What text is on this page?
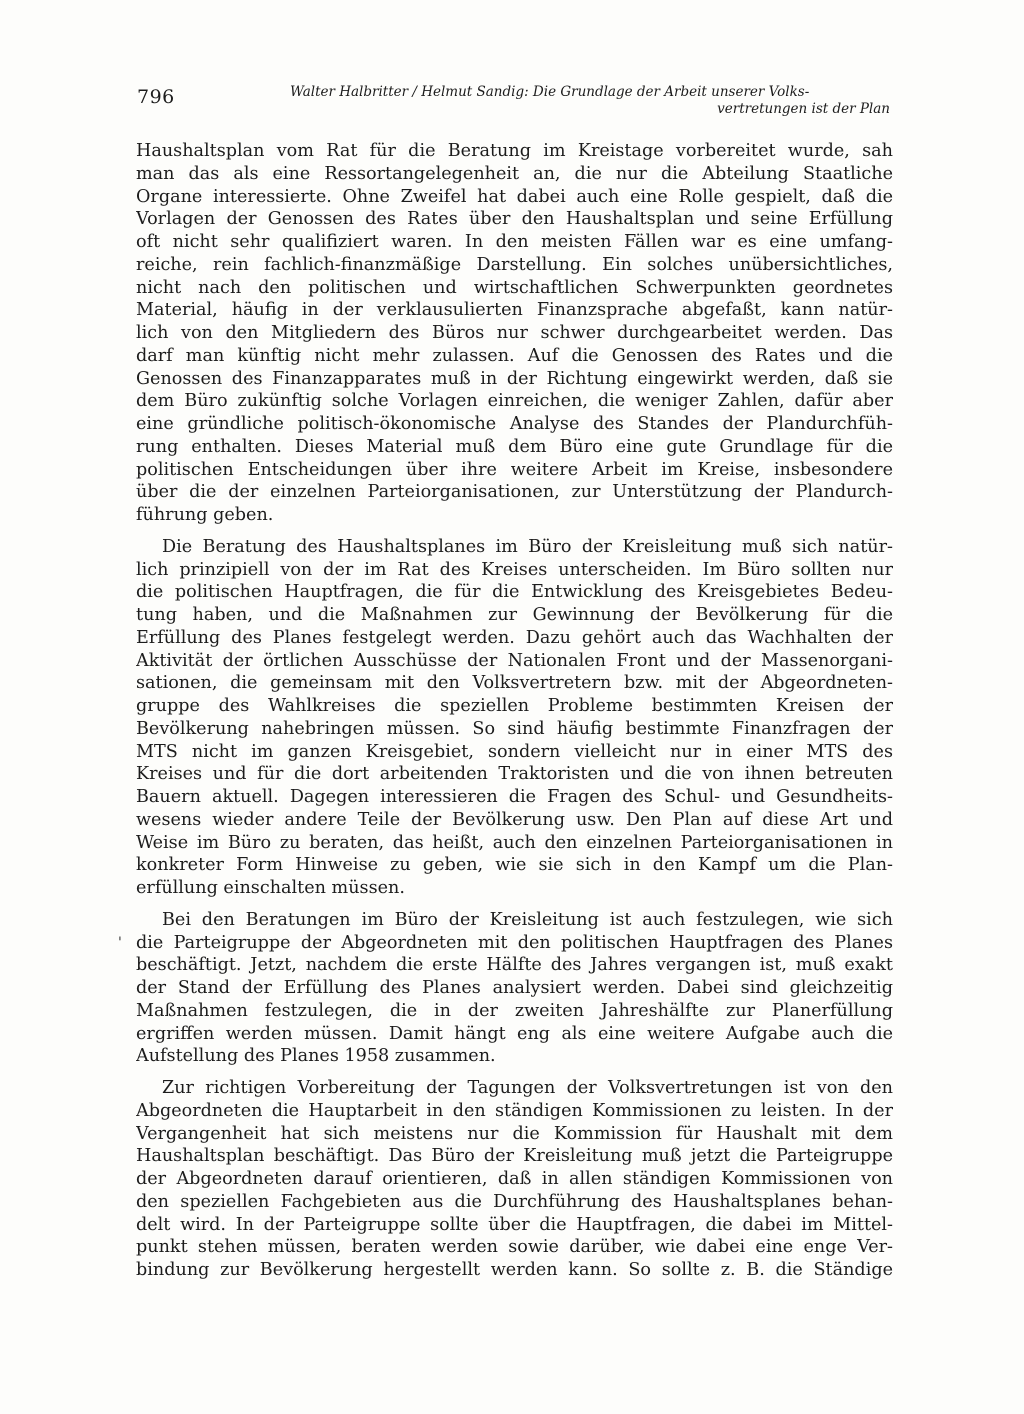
796	Walter Halbritter / Helmut Sandig: Die Grundlage der Arbeit unserer Volks-
vertretungen ist der Plan
'
Haushaltsplan vom Rat für die Beratung im Kreistage vorbereitet wurde, sah
man das als eine Ressortangelegenheit an, die nur die Abteilung Staatliche
Organe interessierte. Ohne Zweifel hat dabei auch eine Rolle gespielt, daß die
Vorlagen der Genossen des Rates über den Haushaltsplan und seine Erfüllung
oft nicht sehr qualifiziert waren. In den meisten Fällen war es eine umfang-
reiche, rein fachlich-finanzmäßige Darstellung. Ein solches unübersichtliches,
nicht nach den politischen und wirtschaftlichen Schwerpunkten geordnetes
Material, häufig in der verklausulierten Finanzsprache abgefaßt, kann natür-
lich von den Mitgliedern des Büros nur schwer durchgearbeitet werden. Das
darf man künftig nicht mehr zulassen. Auf die Genossen des Rates und die
Genossen des Finanzapparates muß in der Richtung eingewirkt werden, daß sie
dem Büro zukünftig solche Vorlagen einreichen, die weniger Zahlen, dafür aber
eine gründliche politisch-ökonomische Analyse des Standes der Plandurchfüh-
rung enthalten. Dieses Material muß dem Büro eine gute Grundlage für die
politischen Entscheidungen über ihre weitere Arbeit im Kreise, insbesondere
über die der einzelnen Parteiorganisationen, zur Unterstützung der Plandurch-
führung geben.
Die Beratung des Haushaltsplanes im Büro der Kreisleitung muß sich natür-
lich prinzipiell von der im Rat des Kreises unterscheiden. Im Büro sollten nur
die politischen Hauptfragen, die für die Entwicklung des Kreisgebietes Bedeu-
tung haben, und die Maßnahmen zur Gewinnung der Bevölkerung für die
Erfüllung des Planes festgelegt werden. Dazu gehört auch das Wachhalten der
Aktivität der örtlichen Ausschüsse der Nationalen Front und der Massenorgani-
sationen, die gemeinsam mit den Volksvertretern bzw. mit der Abgeordneten-
gruppe des Wahlkreises die speziellen Probleme bestimmten Kreisen der
Bevölkerung nahebringen müssen. So sind häufig bestimmte Finanzfragen der
MTS nicht im ganzen Kreisgebiet, sondern vielleicht nur in einer MTS des
Kreises und für die dort arbeitenden Traktoristen und die von ihnen betreuten
Bauern aktuell. Dagegen interessieren die Fragen des Schul- und Gesundheits-
wesens wieder andere Teile der Bevölkerung usw. Den Plan auf diese Art und
Weise im Büro zu beraten, das heißt, auch den einzelnen Parteiorganisationen in
konkreter Form Hinweise zu geben, wie sie sich in den Kampf um die Plan-
erfüllung einschalten müssen.
Bei den Beratungen im Büro der Kreisleitung ist auch festzulegen, wie sich
die Parteigruppe der Abgeordneten mit den politischen Hauptfragen des Planes
beschäftigt. Jetzt, nachdem die erste Hälfte des Jahres vergangen ist, muß exakt
der Stand der Erfüllung des Planes analysiert werden. Dabei sind gleichzeitig
Maßnahmen festzulegen, die in der zweiten Jahreshälfte zur Planerfüllung
ergriffen werden müssen. Damit hängt eng als eine weitere Aufgabe auch die
Aufstellung des Planes 1958 zusammen.
Zur richtigen Vorbereitung der Tagungen der Volksvertretungen ist von den
Abgeordneten die Hauptarbeit in den ständigen Kommissionen zu leisten. In der
Vergangenheit hat sich meistens nur die Kommission für Haushalt mit dem
Haushaltsplan beschäftigt. Das Büro der Kreisleitung muß jetzt die Parteigruppe
der Abgeordneten darauf orientieren, daß in allen ständigen Kommissionen von
den speziellen Fachgebieten aus die Durchführung des Haushaltsplanes behan-
delt wird. In der Parteigruppe sollte über die Hauptfragen, die dabei im Mittel-
punkt stehen müssen, beraten werden sowie darüber, wie dabei eine enge Ver-
bindung zur Bevölkerung hergestellt werden kann. So sollte z. B. die Ständige
